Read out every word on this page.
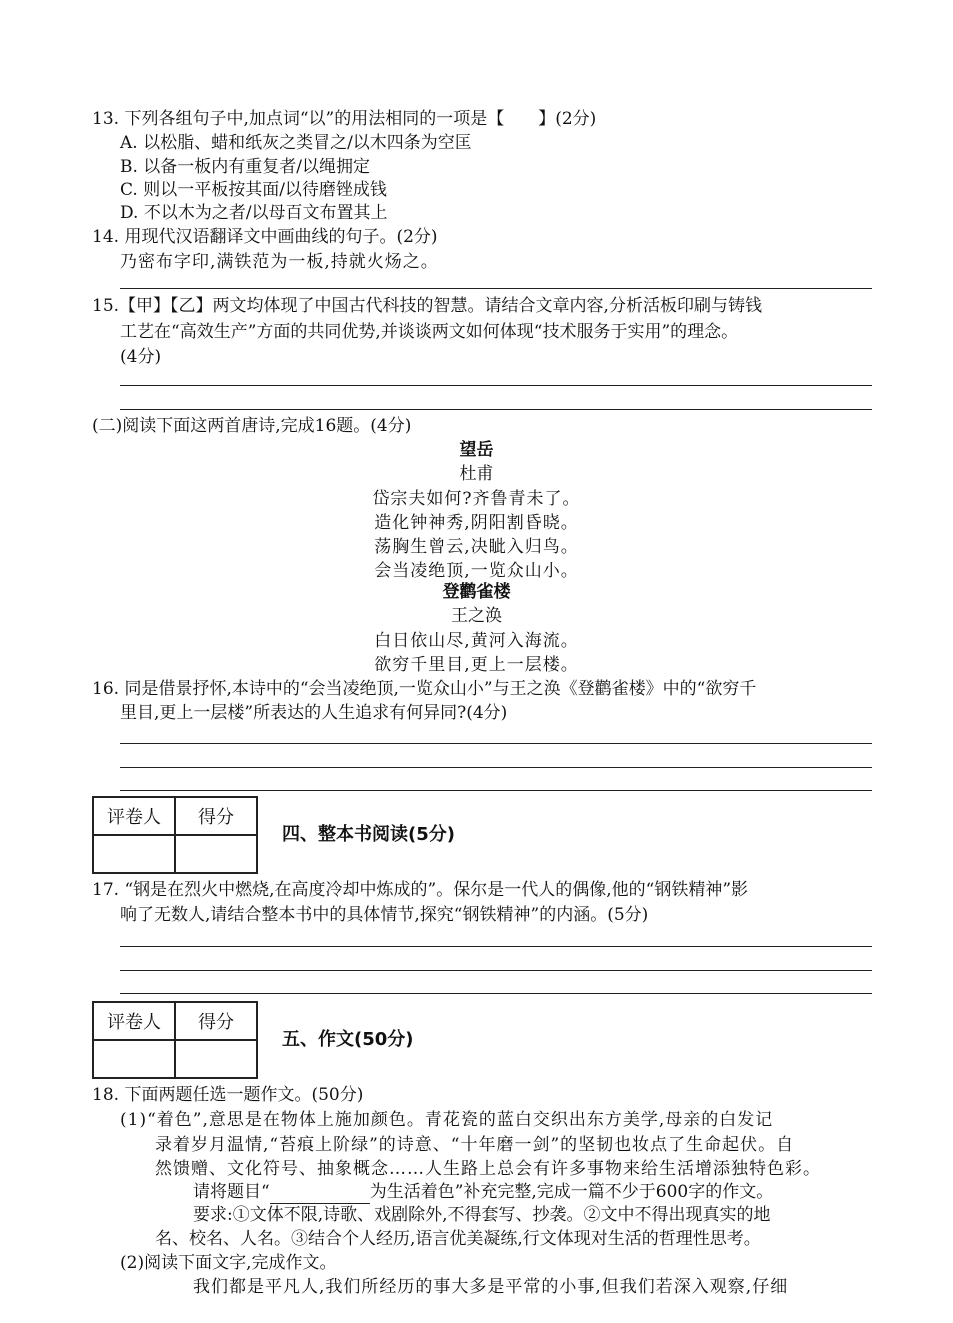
13. 下列各组句子中,加点词“以”的用法相同的一项是【　　】(2分)
A. 以松脂、蜡和纸灰之类冒之/以木四条为空匡
B. 以备一板内有重复者/以绳拥定
C. 则以一平板按其面/以待磨锉成钱
D. 不以木为之者/以母百文布置其上
14. 用现代汉语翻译文中画曲线的句子。(2分)
乃密布字印,满铁范为一板,持就火炀之。
15.【甲】【乙】两文均体现了中国古代科技的智慧。请结合文章内容,分析活板印刷与铸钱
工艺在“高效生产”方面的共同优势,并谈谈两文如何体现“技术服务于实用”的理念。
(4分)
(二)阅读下面这两首唐诗,完成16题。(4分)
望岳
杜甫
岱宗夫如何?齐鲁青未了。
造化钟神秀,阴阳割昏晓。
荡胸生曾云,决眦入归鸟。
会当凌绝顶,一览众山小。
登鹳雀楼
王之涣
白日依山尽,黄河入海流。
欲穷千里目,更上一层楼。
16. 同是借景抒怀,本诗中的“会当凌绝顶,一览众山小”与王之涣《登鹳雀楼》中的“欲穷千
里目,更上一层楼”所表达的人生追求有何异同?(4分)
评卷人	得分

四、整本书阅读(5分)
17. “钢是在烈火中燃烧,在高度冷却中炼成的”。保尔是一代人的偶像,他的“钢铁精神”影
响了无数人,请结合整本书中的具体情节,探究“钢铁精神”的内涵。(5分)
评卷人	得分

五、作文(50分)
18. 下面两题任选一题作文。(50分)
(1)“着色”,意思是在物体上施加颜色。青花瓷的蓝白交织出东方美学,母亲的白发记
录着岁月温情,“苔痕上阶绿”的诗意、“十年磨一剑”的坚韧也妆点了生命起伏。自
然馈赠、文化符号、抽象概念……人生路上总会有许多事物来给生活增添独特色彩。
请将题目“	为生活着色”补充完整,完成一篇不少于600字的作文。
要求:①文体不限,诗歌、戏剧除外,不得套写、抄袭。②文中不得出现真实的地
名、校名、人名。③结合个人经历,语言优美凝练,行文体现对生活的哲理性思考。
(2)阅读下面文字,完成作文。
我们都是平凡人,我们所经历的事大多是平常的小事,但我们若深入观察,仔细
